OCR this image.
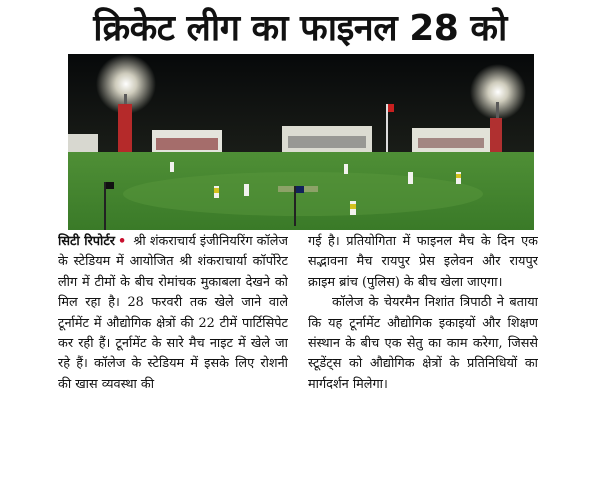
क्रिकेट लीग का फाइनल 28 को

सिटी रिपोर्टर • श्री शंकराचार्य इंजीनियरिंग कॉलेज के स्टेडियम में आयोजित श्री शंकराचार्या कॉर्पोरेट लीग में टीमों के बीच रोमांचक मुकाबला देखने को मिल रहा है। 28 फरवरी तक खेले जाने वाले टूर्नामेंट में औद्योगिक क्षेत्रों की 22 टीमें पार्टिसिपेट कर रही हैं। टूर्नामेंट के सारे मैच नाइट में खेले जा रहे हैं। कॉलेज के स्टेडियम में इसके लिए रोशनी की खास व्यवस्था की

गई है। प्रतियोगिता में फाइनल मैच के दिन एक सद्भावना मैच रायपुर प्रेस इलेवन और रायपुर क्राइम ब्रांच (पुलिस) के बीच खेला जाएगा।

कॉलेज के चेयरमैन निशांत त्रिपाठी ने बताया कि यह टूर्नामेंट औद्योगिक इकाइयों और शिक्षण संस्थान के बीच एक सेतु का काम करेगा, जिससे स्टूडेंट्स को औद्योगिक क्षेत्रों के प्रतिनिधियों का मार्गदर्शन मिलेगा।
